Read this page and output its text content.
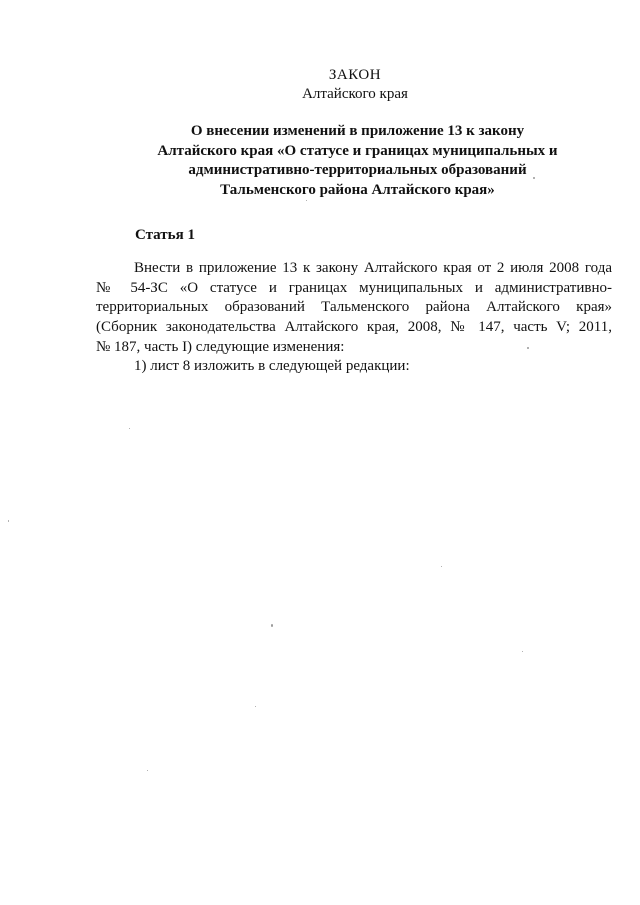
ЗАКОН
Алтайского края
О внесении изменений в приложение 13 к закону
Алтайского края «О статусе и границах муниципальных и
административно-территориальных образований
Тальменского района Алтайского края»
Статья 1
Внести в приложение 13 к закону Алтайского края от 2 июля 2008 года
№ 54-ЗС «О статусе и границах муниципальных и административно-
территориальных образований Тальменского района Алтайского края»
(Сборник законодательства Алтайского края, 2008, № 147, часть V; 2011,
№ 187, часть I) следующие изменения:
1) лист 8 изложить в следующей редакции:
